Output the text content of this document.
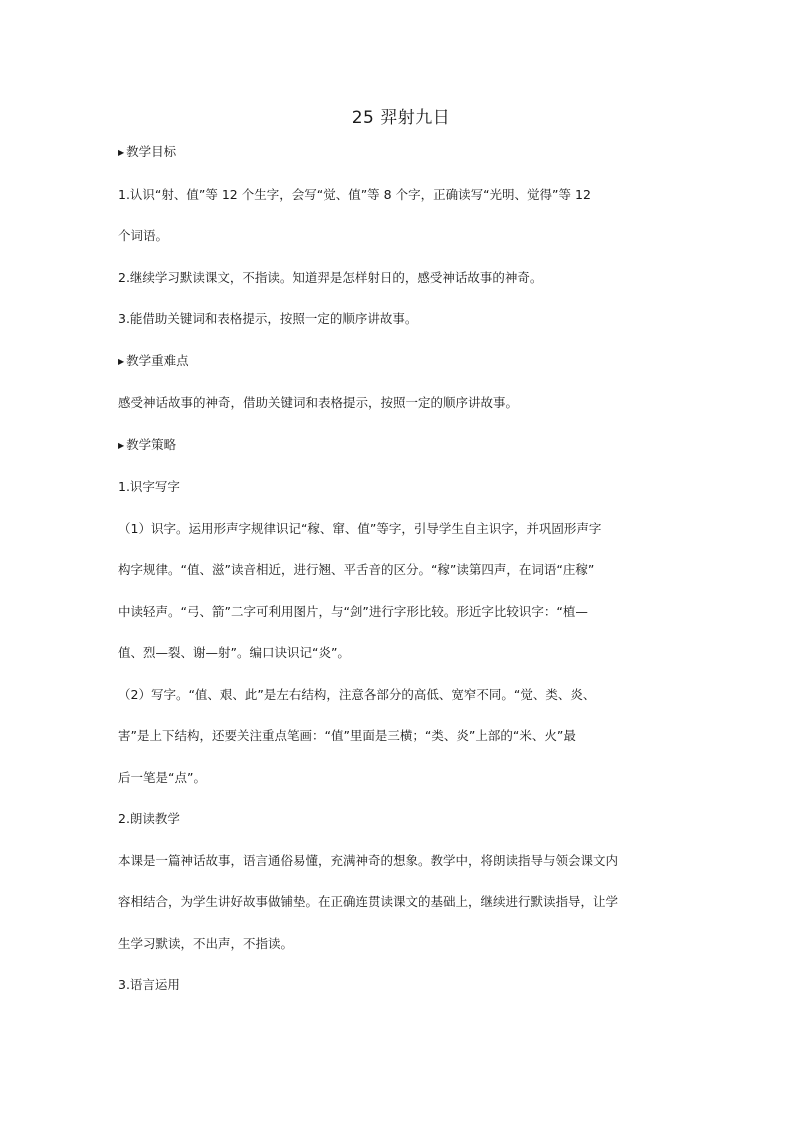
25 羿射九日
▶ 教学目标
1.认识“射、值”等 12 个生字，会写“觉、值”等 8 个字，正确读写“光明、觉得”等 12
个词语。
2.继续学习默读课文，不指读。知道羿是怎样射日的，感受神话故事的神奇。
3.能借助关键词和表格提示，按照一定的顺序讲故事。
▶ 教学重难点
感受神话故事的神奇，借助关键词和表格提示，按照一定的顺序讲故事。
▶ 教学策略
1.识字写字
（1）识字。运用形声字规律识记“稼、窜、值”等字，引导学生自主识字，并巩固形声字
构字规律。“值、滋”读音相近，进行翘、平舌音的区分。“稼”读第四声，在词语“庄稼”
中读轻声。“弓、箭”二字可利用图片，与“剑”进行字形比较。形近字比较识字：“植—
值、烈—裂、谢—射”。编口诀识记“炎”。
（2）写字。“值、艰、此”是左右结构，注意各部分的高低、宽窄不同。“觉、类、炎、
害”是上下结构，还要关注重点笔画：“值”里面是三横；“类、炎”上部的“米、火”最
后一笔是“点”。
2.朗读教学
本课是一篇神话故事，语言通俗易懂，充满神奇的想象。教学中，将朗读指导与领会课文内
容相结合，为学生讲好故事做铺垫。在正确连贯读课文的基础上，继续进行默读指导，让学
生学习默读，不出声，不指读。
3.语言运用
